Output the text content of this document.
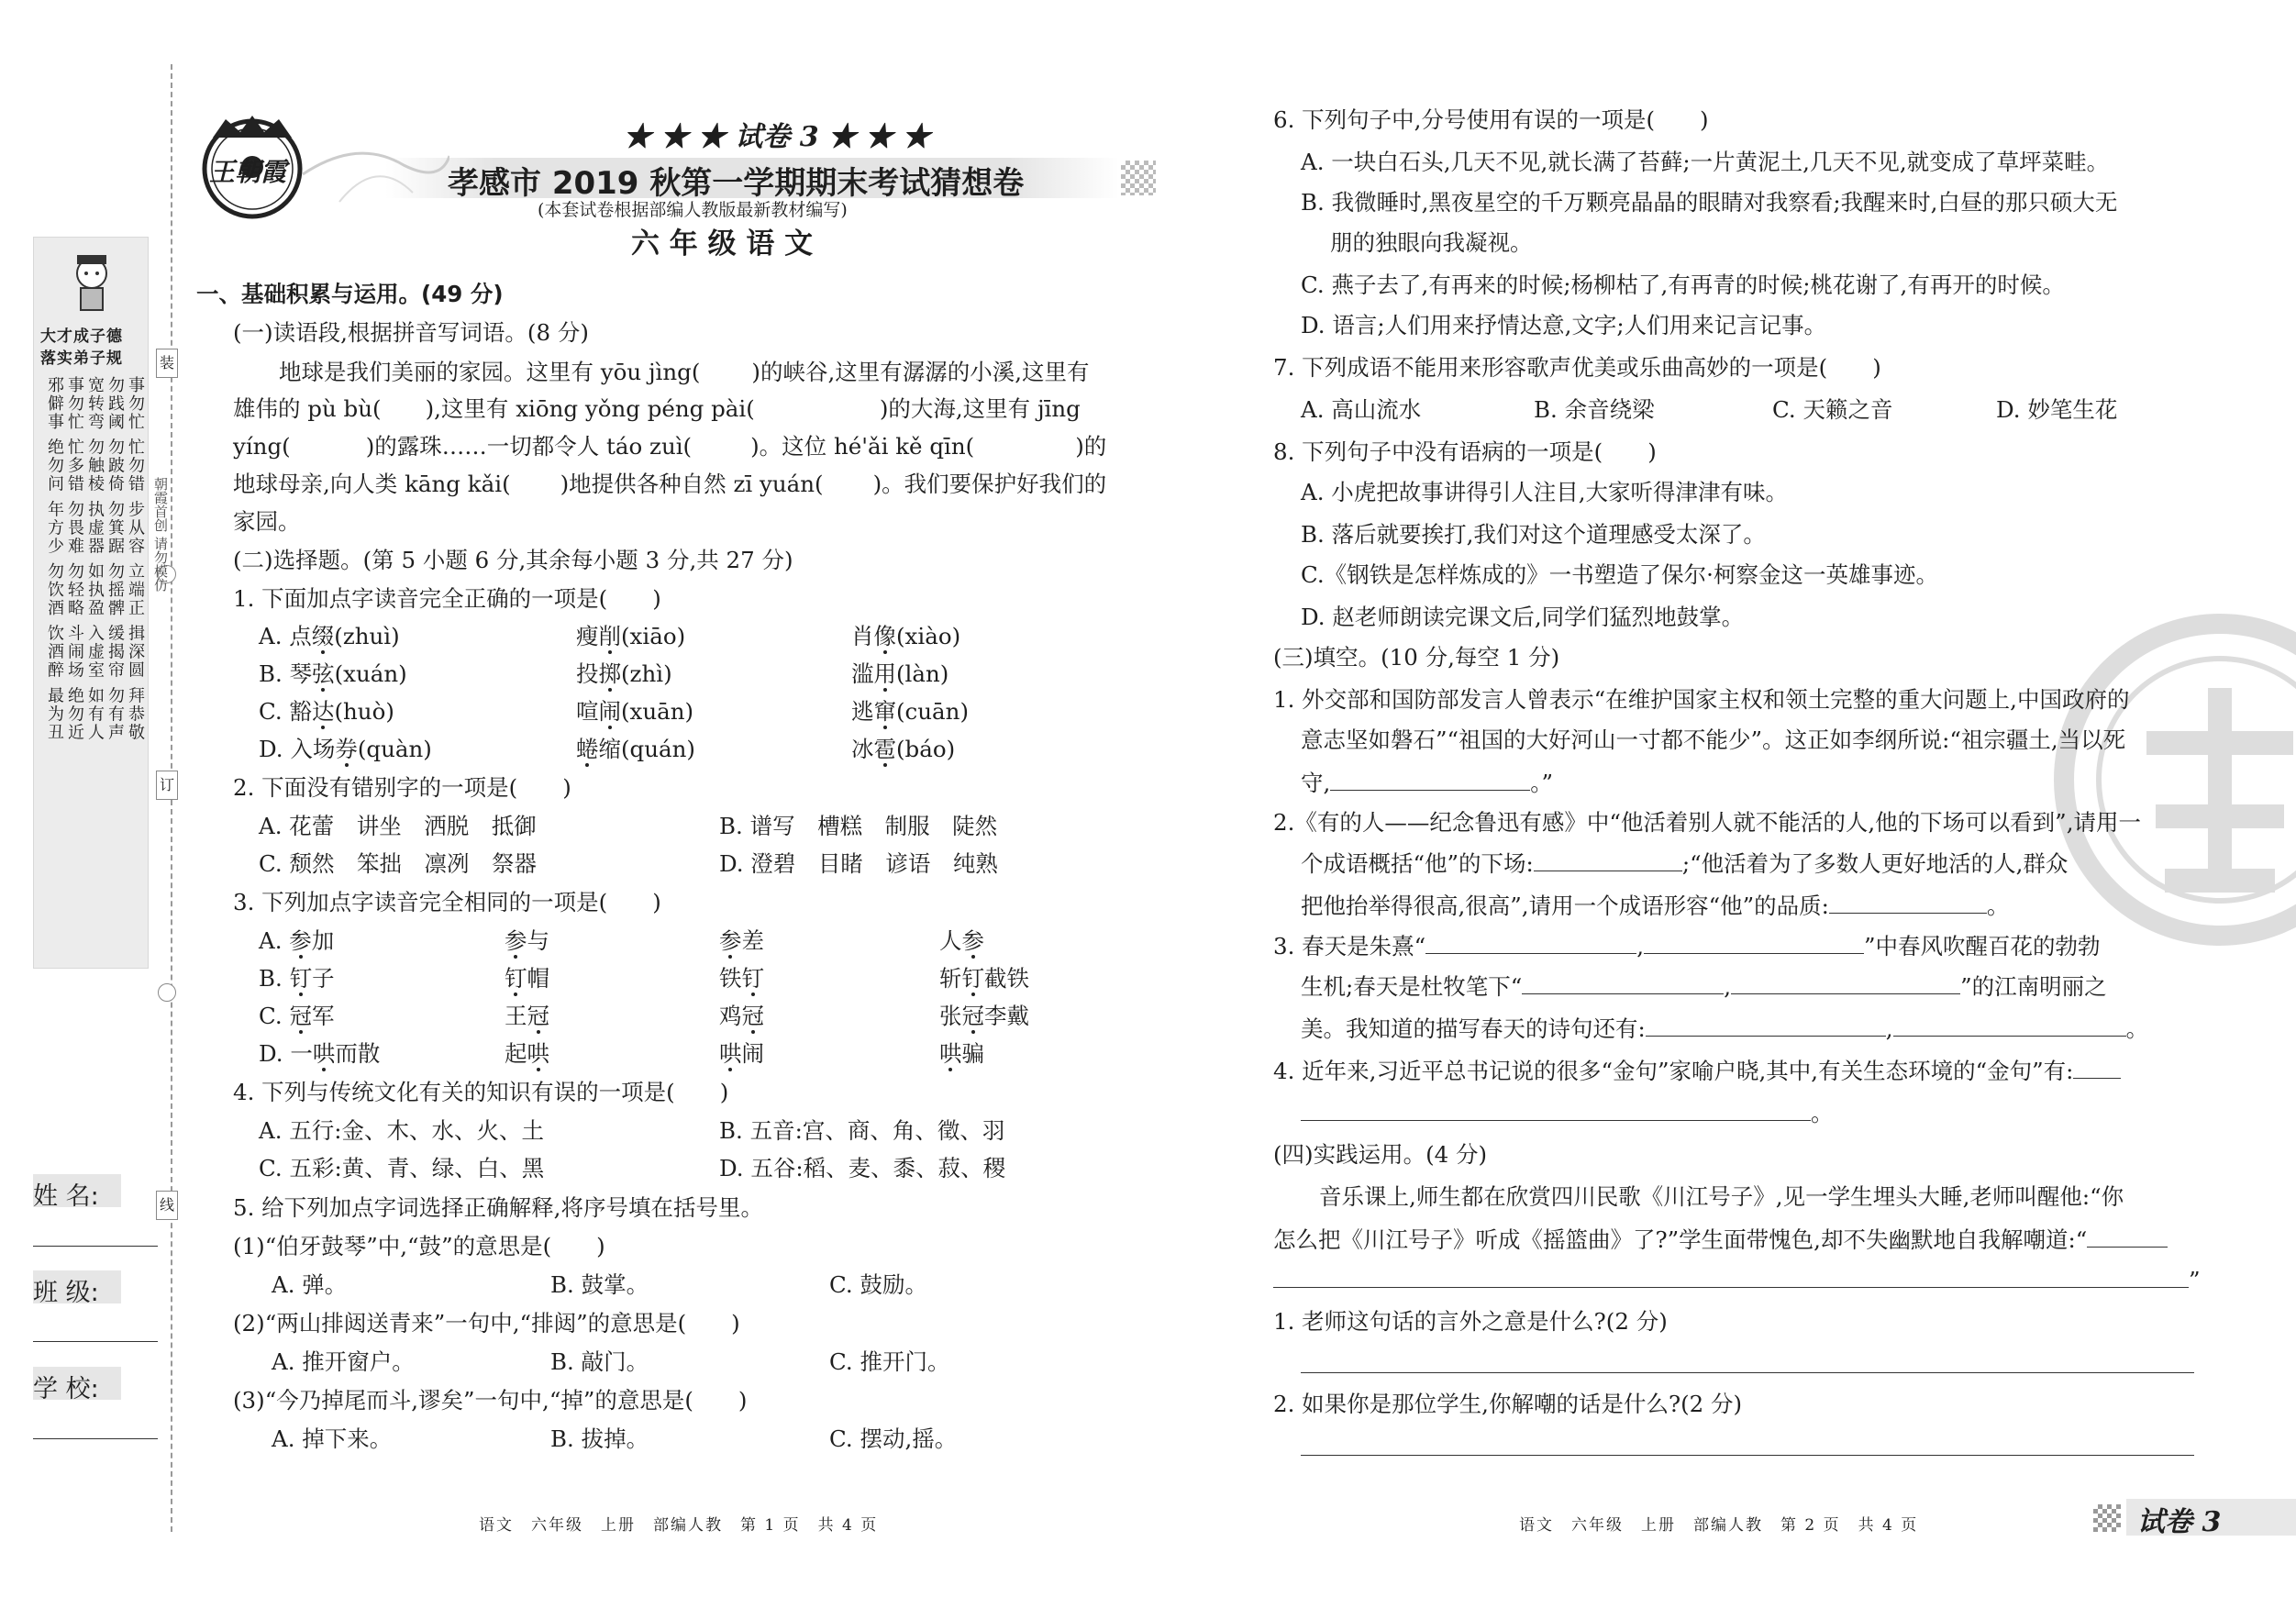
装
订
线
朝霞首创 请勿模仿
大才成子德
落实弟子规
事勿忙 忙勿错 步从容 立端正 揖深圆 拜恭敬
勿践阈 勿跛倚 勿箕踞 勿摇髀 缓揭帘 勿有声
宽转弯 勿触棱 执虚器 如执盈 入虚室 如有人
事勿忙 忙多错 勿畏难 勿轻略 斗闹场 绝勿近
邪僻事 绝勿问 年方少 勿饮酒 饮酒醉 最为丑
姓 名:
班 级:
学 校:
王朝霞
★ ★ ★ 试卷 3 ★ ★ ★
孝感市 2019 秋第一学期期末考试猜想卷
(本套试卷根据部编人教版最新教材编写)
六 年 级 语 文
一、基础积累与运用。(49 分)
(一)读语段,根据拼音写词语。(8 分)
地球是我们美丽的家园。这里有 yōu jìng( )的峡谷,这里有潺潺的小溪,这里有
雄伟的 pù bù( ),这里有 xiōng yǒng péng pài(	)的大海,这里有 jīng
yíng(	)的露珠……一切都令人 táo zuì(	)。这位 hé'ǎi kě qīn(	)的
地球母亲,向人类 kāng kǎi( )地提供各种自然 zī yuán( )。我们要保护好我们的
家园。
(二)选择题。(第 5 小题 6 分,其余每小题 3 分,共 27 分)
1. 下面加点字读音完全正确的一项是(　　)
A. 点缀(zhuì)	瘦削(xiāo)	肖像(xiào)
B. 琴弦(xuán)	投掷(zhì)	滥用(làn)
C. 豁达(huò)	喧闹(xuān)	逃窜(cuān)
D. 入场券(quàn)	蜷缩(quán)	冰雹(báo)
2. 下面没有错别字的一项是(　　)
A. 花蕾　讲坐　洒脱　抵御	B. 谱写　槽糕　制服　陡然
C. 颓然　笨拙　凛冽　祭器	D. 澄碧　目睹　谚语　纯熟
3. 下列加点字读音完全相同的一项是(　　)
A. 参加	参与	参差	人参
B. 钉子	钉帽	铁钉	斩钉截铁
C. 冠军	王冠	鸡冠	张冠李戴
D. 一哄而散	起哄	哄闹	哄骗
4. 下列与传统文化有关的知识有误的一项是(　　)
A. 五行:金、木、水、火、土	B. 五音:宫、商、角、徵、羽
C. 五彩:黄、青、绿、白、黑	D. 五谷:稻、麦、黍、菽、稷
5. 给下列加点字词选择正确解释,将序号填在括号里。
(1)“伯牙鼓琴”中,“鼓”的意思是(　　)
A. 弹。	B. 鼓掌。	C. 鼓励。
(2)“两山排闼送青来”一句中,“排闼”的意思是(　　)
A. 推开窗户。	B. 敲门。	C. 推开门。
(3)“今乃掉尾而斗,谬矣”一句中,“掉”的意思是(　　)
A. 掉下来。	B. 拔掉。	C. 摆动,摇。
语文　六年级　上册　部编人教　第 1 页　共 4 页
6. 下列句子中,分号使用有误的一项是(　　)
A. 一块白石头,几天不见,就长满了苔藓;一片黄泥土,几天不见,就变成了草坪菜畦。
B. 我微睡时,黑夜星空的千万颗亮晶晶的眼睛对我察看;我醒来时,白昼的那只硕大无
朋的独眼向我凝视。
C. 燕子去了,有再来的时候;杨柳枯了,有再青的时候;桃花谢了,有再开的时候。
D. 语言;人们用来抒情达意,文字;人们用来记言记事。
7. 下列成语不能用来形容歌声优美或乐曲高妙的一项是(　　)
A. 高山流水	B. 余音绕梁	C. 天籁之音	D. 妙笔生花
8. 下列句子中没有语病的一项是(　　)
A. 小虎把故事讲得引人注目,大家听得津津有味。
B. 落后就要挨打,我们对这个道理感受太深了。
C.《钢铁是怎样炼成的》一书塑造了保尔·柯察金这一英雄事迹。
D. 赵老师朗读完课文后,同学们猛烈地鼓掌。
(三)填空。(10 分,每空 1 分)
1. 外交部和国防部发言人曾表示“在维护国家主权和领土完整的重大问题上,中国政府的
意志坚如磐石”“祖国的大好河山一寸都不能少”。这正如李纲所说:“祖宗疆土,当以死
守,	。”
2.《有的人——纪念鲁迅有感》中“他活着别人就不能活的人,他的下场可以看到”,请用一
个成语概括“他”的下场:	;“他活着为了多数人更好地活的人,群众
把他抬举得很高,很高”,请用一个成语形容“他”的品质:	。
3. 春天是朱熹“	,	”中春风吹醒百花的勃勃
生机;春天是杜牧笔下“	,	”的江南明丽之
美。我知道的描写春天的诗句还有:	,	。
4. 近年来,习近平总书记说的很多“金句”家喻户晓,其中,有关生态环境的“金句”有:
。
(四)实践运用。(4 分)
音乐课上,师生都在欣赏四川民歌《川江号子》,见一学生埋头大睡,老师叫醒他:“你
怎么把《川江号子》听成《摇篮曲》了?”学生面带愧色,却不失幽默地自我解嘲道:“
”
1. 老师这句话的言外之意是什么?(2 分)
2. 如果你是那位学生,你解嘲的话是什么?(2 分)
语文　六年级　上册　部编人教　第 2 页　共 4 页	试卷 3
